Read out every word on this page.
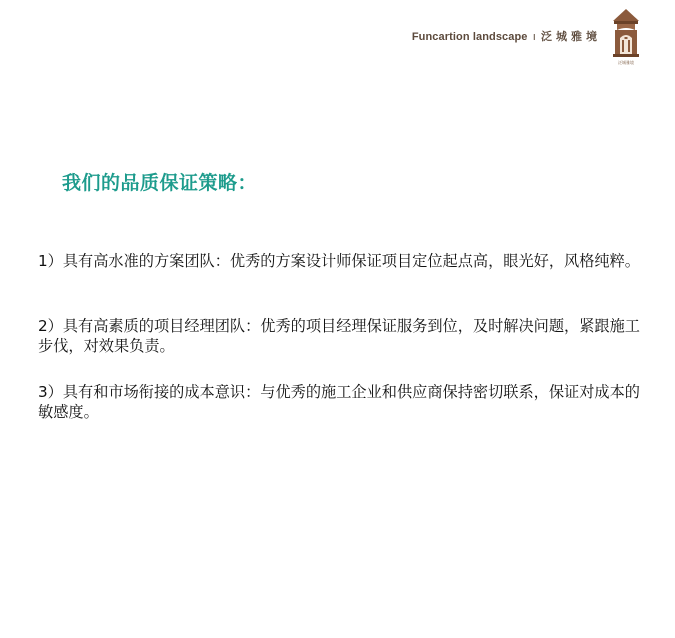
Funcartion landscape ı 泛城雅境
泛城雅境
我们的品质保证策略：
1）具有高水准的方案团队：优秀的方案设计师保证项目定位起点高，眼光好，风格纯粹。
2）具有高素质的项目经理团队：优秀的项目经理保证服务到位，及时解决问题，紧跟施工步伐，对效果负责。
3）具有和市场衔接的成本意识：与优秀的施工企业和供应商保持密切联系，保证对成本的敏感度。
